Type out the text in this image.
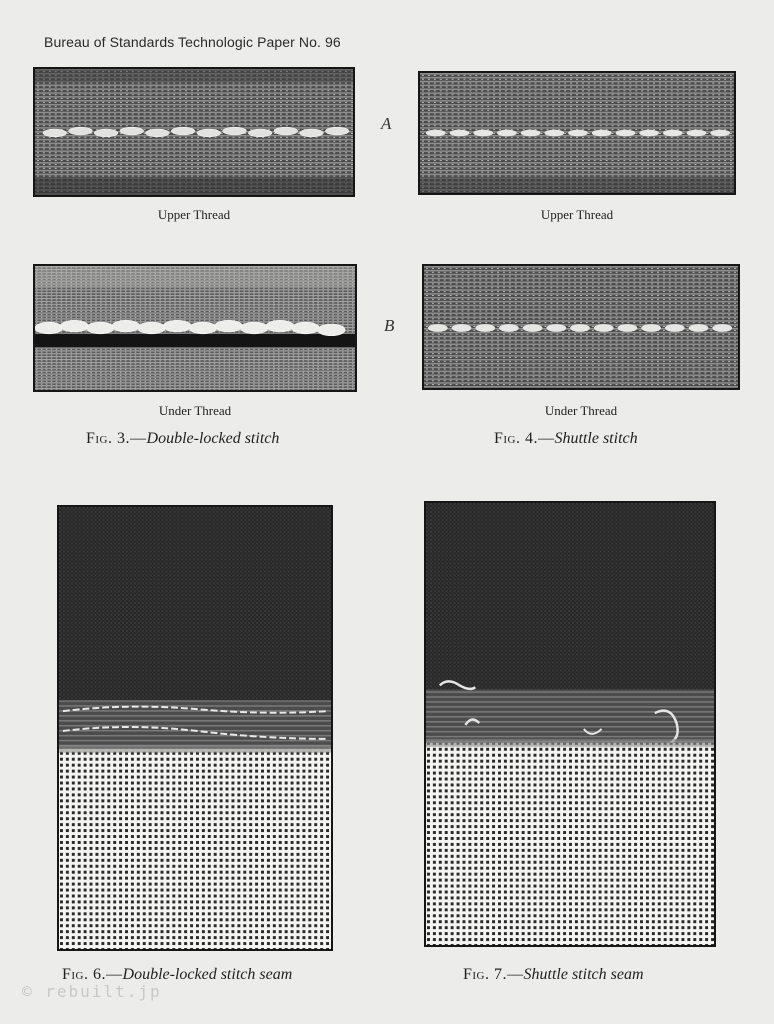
Bureau of Standards Technologic Paper No. 96
A
Upper Thread	Upper Thread
B
Under Thread	Under Thread
Fig. 3.—Double-locked stitch	Fig. 4.—Shuttle stitch
Fig. 6.—Double-locked stitch seam	Fig. 7.—Shuttle stitch seam
© rebuilt.jp
